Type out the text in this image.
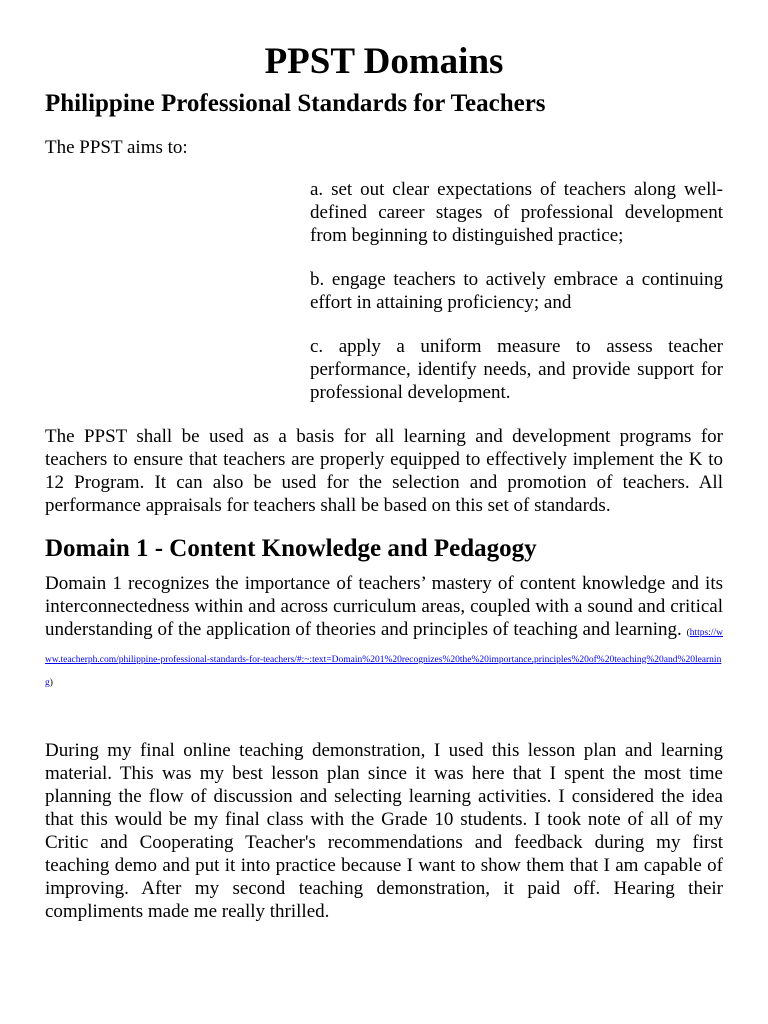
PPST Domains
Philippine Professional Standards for Teachers

The PPST aims to:

a. set out clear expectations of teachers along well-defined career stages of professional development from beginning to distinguished practice;

b. engage teachers to actively embrace a continuing effort in attaining proficiency; and

c. apply a uniform measure to assess teacher performance, identify needs, and provide support for professional development.

The PPST shall be used as a basis for all learning and development programs for teachers to ensure that teachers are properly equipped to effectively implement the K to 12 Program. It can also be used for the selection and promotion of teachers. All performance appraisals for teachers shall be based on this set of standards.

Domain 1 - Content Knowledge and Pedagogy

Domain 1 recognizes the importance of teachers’ mastery of content knowledge and its interconnectedness within and across curriculum areas, coupled with a sound and critical understanding of the application of theories and principles of teaching and learning. (https://www.teacherph.com/philippine-professional-standards-for-teachers/#:~:text=Domain%201%20recognizes%20the%20importance,principles%20of%20teaching%20and%20learning)

During my final online teaching demonstration, I used this lesson plan and learning material. This was my best lesson plan since it was here that I spent the most time planning the flow of discussion and selecting learning activities. I considered the idea that this would be my final class with the Grade 10 students. I took note of all of my Critic and Cooperating Teacher's recommendations and feedback during my first teaching demo and put it into practice because I want to show them that I am capable of improving. After my second teaching demonstration, it paid off. Hearing their compliments made me really thrilled.
